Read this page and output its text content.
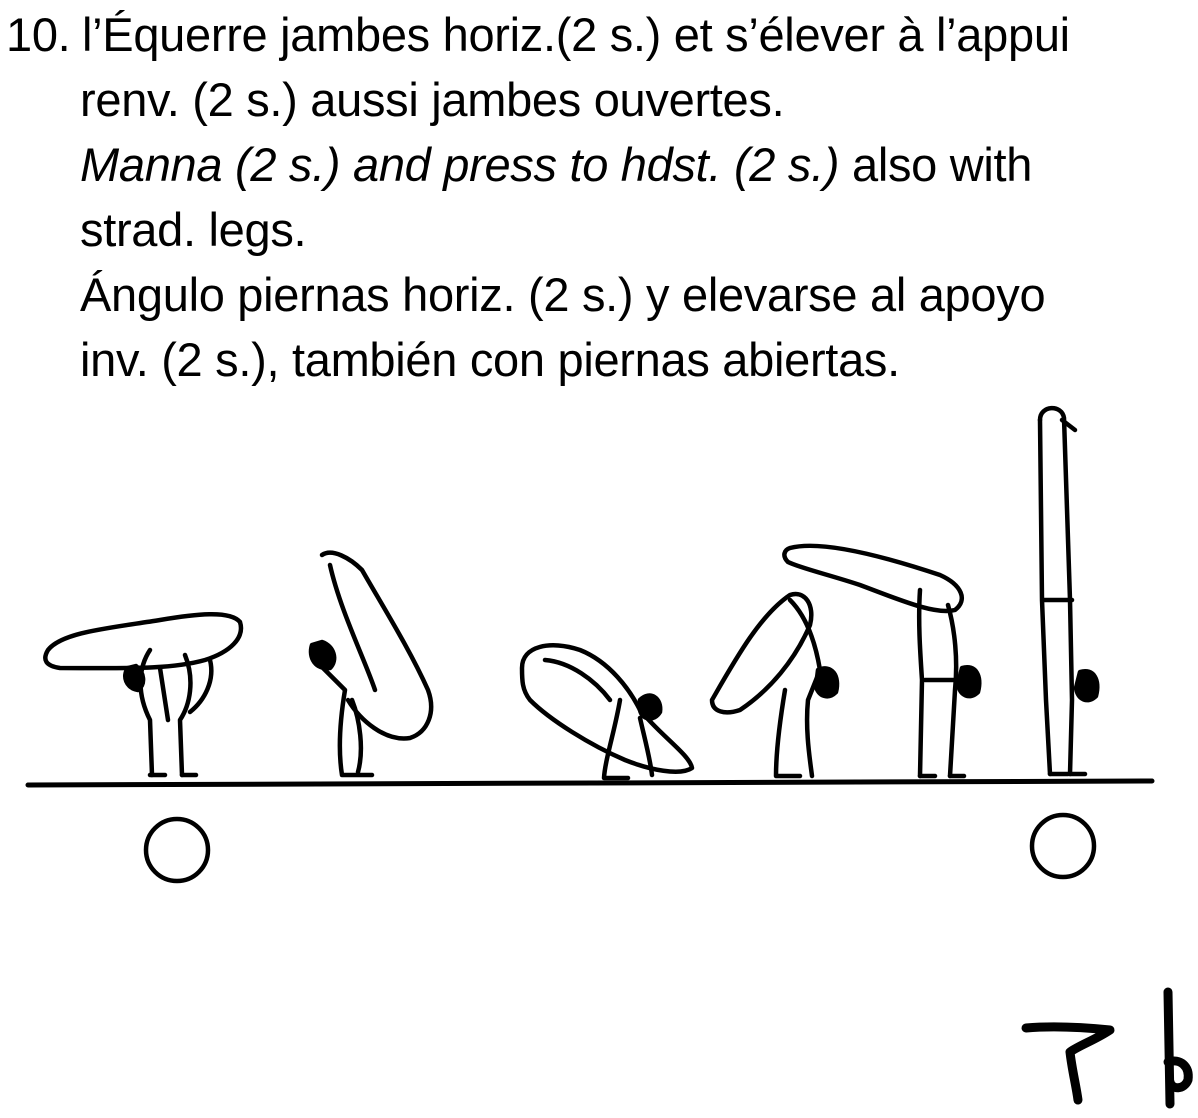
10. l’Équerre jambes horiz.(2 s.) et s’élever à l’appui
renv. (2 s.) aussi jambes ouvertes.
Manna (2 s.) and press to hdst. (2 s.) also with
strad. legs.
Ángulo piernas horiz. (2 s.) y elevarse al apoyo
inv. (2 s.), también con piernas abiertas.
